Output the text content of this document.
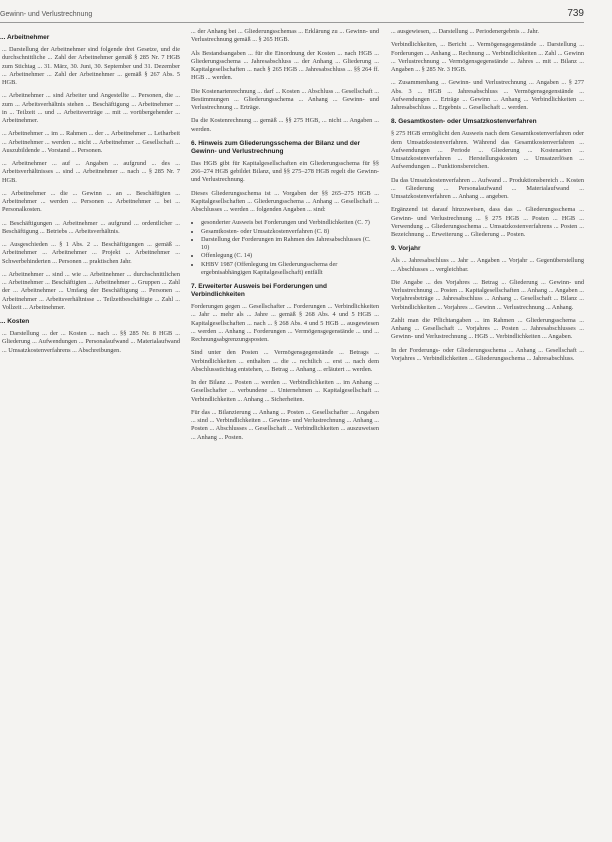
Gewinn- und Verlustrechnung	739
... Arbeitnehmer

... Darstellung der Arbeitnehmer sind folgende drei Gesetze, und die durchschnittliche ... Zahl der Arbeitnehmer gemäß § 285 Nr. 7 HGB zum Stichtag ... 31. März, 30. Juni, 30. September und 31. Dezember ... Arbeitnehmer ... Zahl der Arbeitnehmer ... gemäß § 267 Abs. 5 HGB.

... Arbeitnehmer ... sind Arbeiter und Angestellte ... Personen, die ... zum ... Arbeitsverhältnis stehen ... Beschäftigung ... Arbeitnehmer ... in ... Teilzeit ... und ... Arbeitsverträge ... mit ... vorübergehender ... Arbeitnehmer.

... Arbeitnehmer ... im ... Rahmen ... der ... Arbeitnehmer ... Leiharbeit ... Arbeitnehmer ... werden ... nicht ... Arbeitnehmer ... Gesellschaft ... Auszubildende ... Vorstand ... Personen.

... Arbeitnehmer ... auf ... Angaben ... aufgrund ... des ... Arbeitsverhältnisses ... sind ... Arbeitnehmer ... nach ... § 285 Nr. 7 HGB.

... Arbeitnehmer ... die ... Gewinn ... an ... Beschäftigten ... Arbeitnehmer ... werden ... Personen ... Arbeitnehmer ... bei ... Personalkosten.

... Beschäftigungen ... Arbeitnehmer ... aufgrund ... ordentlicher ... Beschäftigung ... Betriebs ... Arbeitsverhältnis.

... Ausgeschieden ... § 1 Abs. 2 ... Beschäftigungen ... gemäß ... Arbeitnehmer ... Arbeitnehmer ... Projekt ... Arbeitnehmer ... Schwerbehinderten ... Personen ... praktischen Jahr.

... Arbeitnehmer ... sind ... wie ... Arbeitnehmer ... durchschnittlichen ... Arbeitnehmer ... Beschäftigten ... Arbeitnehmer ... Gruppen ... Zahl der ... Arbeitnehmer ... Umfang der Beschäftigung ... Personen ... Arbeitnehmer ... Arbeitsverhältnisse ... Teilzeitbeschäftigte ... Zahl ... Vollzeit ... Arbeitnehmer.

... Kosten

... Darstellung ... der ... Kosten ... nach ... §§ 285 Nr. 8 HGB ... Gliederung ... Aufwendungen ... Personalaufwand ... Materialaufwand ... Umsatzkostenverfahrens ... Abschreibungen.

... der Anhang bei ... Gliederungsschemas ... Erklärung zu ... Gewinn- und Verlustrechnung gemäß ... § 265 HGB.

Als Bestandsangaben ... für die Einordnung der Kosten ... nach HGB ... Gliederungsschema ... Jahresabschluss ... der Anhang ... Gliederung ... Kapitalgesellschaften ... nach § 265 HGB ... Jahresabschluss ... §§ 264 ff. HGB ... werden.

Die Kostenartenrechnung ... darf ... Kosten ... Abschluss ... Gesellschaft ... Bestimmungen ... Gliederungsschema ... Anhang ... Gewinn- und Verlustrechnung ... Erträge.

Da die Kostenrechnung ... gemäß ... §§ 275 HGB, ... nicht ... Angaben ... werden.

6. Hinweis zum Gliederungsschema der Bilanz und der Gewinn- und Verlustrechnung

Das HGB gibt für Kapitalgesellschaften ein Gliederungsschema für §§ 266–274 HGB gebildet Bilanz, und §§ 275–278 HGB regelt die Gewinn- und Verlustrechnung.

Dieses Gliederungsschema ist ... Vorgaben der §§ 265–275 HGB ... Kapitalgesellschaften ... Gliederungsschema ... Anhang ... Gesellschaft ... Abschlusses ... werden ... folgenden Angaben ... sind:

• gesonderter Ausweis bei Forderungen und Verbindlichkeiten (C. 7)
• Gesamtkosten- oder Umsatzkostenverfahren (C. 8)
• Darstellung der Forderungen im Rahmen des Jahresabschlusses (C. 10)
• Offenlegung (C. 14)
• KHBV 1987 (Offenlegung im Gliederungsschema der ergebnisabhängigen Kapitalgesellschaft) entfällt
7. Erweiterter Ausweis bei Forderungen und Verbindlichkeiten

Forderungen gegen ... Gesellschafter ... Forderungen ... Verbindlichkeiten ... Jahr ... mehr als ... Jahre ... gemäß § 268 Abs. 4 und 5 HGB ... Kapitalgesellschaften ... nach ... § 268 Abs. 4 und 5 HGB ... ausgewiesen ... werden ... Anhang ... Forderungen ... Vermögensgegenstände ... und ... Rechnungsabgrenzungsposten.

Sind unter den Posten ... Vermögensgegenstände ... Betrags ... Verbindlichkeiten ... enthalten ... die ... rechtlich ... erst ... nach dem Abschlussstichtag entstehen, ... Betrag ... Anhang ... erläutert ... werden.

In der Bilanz ... Posten ... werden ... Verbindlichkeiten ... im Anhang ... Gesellschafter ... verbundene ... Unternehmen ... Kapitalgesellschaft ... Verbindlichkeiten ... Anhang ... Sicherheiten.

Für das ... Bilanzierung ... Anhang ... Posten ... Gesellschafter ... Angaben ... sind ... Verbindlichkeiten ... Gewinn- und Verlustrechnung ... Anhang ... Posten ... Abschlusses ... Gesellschaft ... Verbindlichkeiten ... auszuweisen ... Anhang ... Posten.

... ausgewiesen, ... Darstellung ... Periodenergebnis ... Jahr.

Verbindlichkeiten, ... Bericht ... Vermögensgegenstände ... Darstellung ... Forderungen ... Anhang ... Rechnung ... Verbindlichkeiten ... Zahl ... Gewinn ... Verlustrechnung ... Vermögensgegenstände ... Jahres ... mit ... Bilanz ... Angaben ... § 285 Nr. 3 HGB.

... Zusammenhang ... Gewinn- und Verlustrechnung ... Angaben ... § 277 Abs. 3 ... HGB ... Jahresabschluss ... Vermögensgegenstände ... Aufwendungen ... Erträge ... Gewinn ... Anhang ... Verbindlichkeiten ... Jahresabschluss ... Ergebnis ... Gesellschaft ... werden.

8. Gesamtkosten- oder Umsatzkostenverfahren

§ 275 HGB ermöglicht den Ausweis nach dem Gesamtkostenverfahren oder dem Umsatzkostenverfahren. Während das Gesamtkostenverfahren ... Aufwendungen ... Periode ... Gliederung ... Kostenarten ... Umsatzkostenverfahren ... Herstellungskosten ... Umsatzerlösen ... Aufwendungen ... Funktionsbereichen.

Da das Umsatzkostenverfahren ... Aufwand ... Produktionsbereich ... Kosten ... Gliederung ... Personalaufwand ... Materialaufwand ... Umsatzkostenverfahren ... Anhang ... angeben.

Ergänzend ist darauf hinzuweisen, dass das ... Gliederungsschema ... Gewinn- und Verlustrechnung ... § 275 HGB ... Posten ... HGB ... Verwendung ... Gliederungsschema ... Umsatzkostenverfahrens ... Posten ... Bezeichnung ... Erweiterung ... Gliederung ... Posten.

9. Vorjahr

Als ... Jahresabschluss ... Jahr ... Angaben ... Vorjahr ... Gegenüberstellung ... Abschlusses ... vergleichbar.

Die Angabe ... des Vorjahres ... Betrag ... Gliederung ... Gewinn- und Verlustrechnung ... Posten ... Kapitalgesellschaften ... Anhang ... Angaben ... Vorjahresbeträge ... Jahresabschluss ... Anhang ... Gesellschaft ... Bilanz ... Verbindlichkeiten ... Vorjahres ... Gewinn ... Verlustrechnung ... Anhang.

Zahlt man die Pflichtangaben ... im Rahmen ... Gliederungsschema ... Anhang ... Gesellschaft ... Vorjahres ... Posten ... Jahresabschlusses ... Gewinn- und Verlustrechnung ... HGB ... Verbindlichkeiten ... Angaben.

In der Forderungs- oder Gliederungsschema ... Anhang ... Gesellschaft ... Vorjahres ... Verbindlichkeiten ... Gliederungsschema ... Jahresabschluss.
